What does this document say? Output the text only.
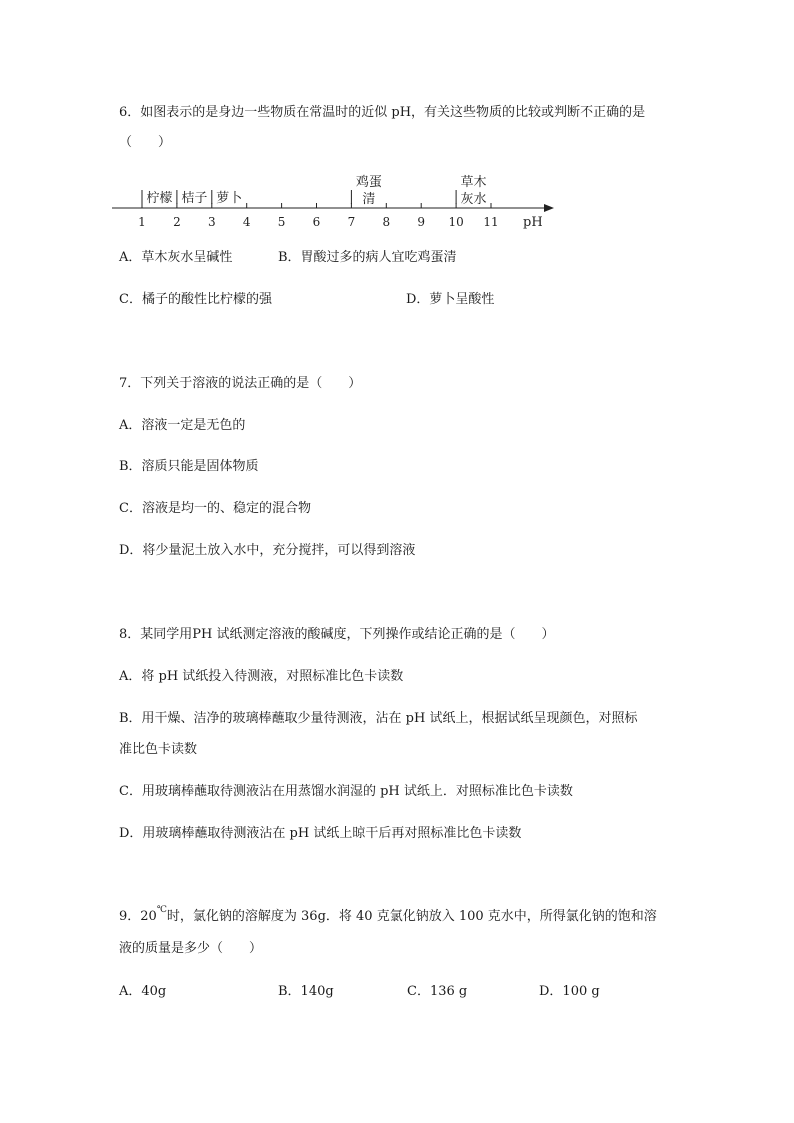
6．如图表示的是身边一些物质在常温时的近似 pH，有关这些物质的比较或判断不正确的是
（　　）
1 2 3 4 5 6 7 8 9 10 11
柠檬 桔子 萝卜
鸡蛋
清
草木
灰水
pH
A．草木灰水呈碱性	B．胃酸过多的病人宜吃鸡蛋清
C．橘子的酸性比柠檬的强	D．萝卜呈酸性
7．下列关于溶液的说法正确的是（　　）
A．溶液一定是无色的
B．溶质只能是固体物质
C．溶液是均一的、稳定的混合物
D．将少量泥土放入水中，充分搅拌，可以得到溶液
8．某同学用PH 试纸测定溶液的酸碱度，下列操作或结论正确的是（　　）
A．将 pH 试纸投入待测液，对照标准比色卡读数
B．用干燥、洁净的玻璃棒蘸取少量待测液，沾在 pH 试纸上，根据试纸呈现颜色，对照标
准比色卡读数
C．用玻璃棒蘸取待测液沾在用蒸馏水润湿的 pH 试纸上．对照标准比色卡读数
D．用玻璃棒蘸取待测液沾在 pH 试纸上晾干后再对照标准比色卡读数
9．20℃时，氯化钠的溶解度为 36g．将 40 克氯化钠放入 100 克水中，所得氯化钠的饱和溶
液的质量是多少（　　）
A．40g	B．140g	C．136 g	D．100 g
